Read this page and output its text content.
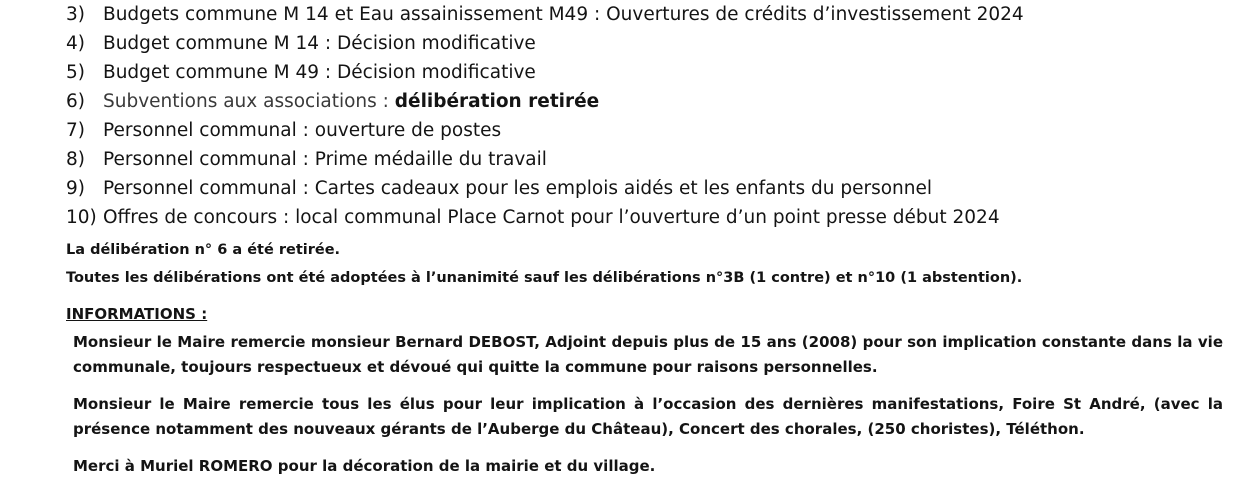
3) Budgets commune M 14 et Eau assainissement M49 : Ouvertures de crédits d’investissement 2024
4) Budget commune M 14 : Décision modificative
5) Budget commune M 49 : Décision modificative
6) Subventions aux associations : délibération retirée
7) Personnel communal : ouverture de postes
8) Personnel communal : Prime médaille du travail
9) Personnel communal : Cartes cadeaux pour les emplois aidés et les enfants du personnel
10) Offres de concours : local communal Place Carnot pour l’ouverture d’un point presse début 2024
La délibération n° 6 a été retirée.
Toutes les délibérations ont été adoptées à l’unanimité sauf les délibérations n°3B (1 contre) et n°10 (1 abstention).
INFORMATIONS :

Monsieur le Maire remercie monsieur Bernard DEBOST, Adjoint depuis plus de 15 ans (2008) pour son implication constante dans la vie communale, toujours respectueux et dévoué qui quitte la commune pour raisons personnelles.

Monsieur le Maire remercie tous les élus pour leur implication à l’occasion des dernières manifestations, Foire St André, (avec la présence notamment des nouveaux gérants de l’Auberge du Château), Concert des chorales, (250 choristes), Téléthon.

Merci à Muriel ROMERO pour la décoration de la mairie et du village.
